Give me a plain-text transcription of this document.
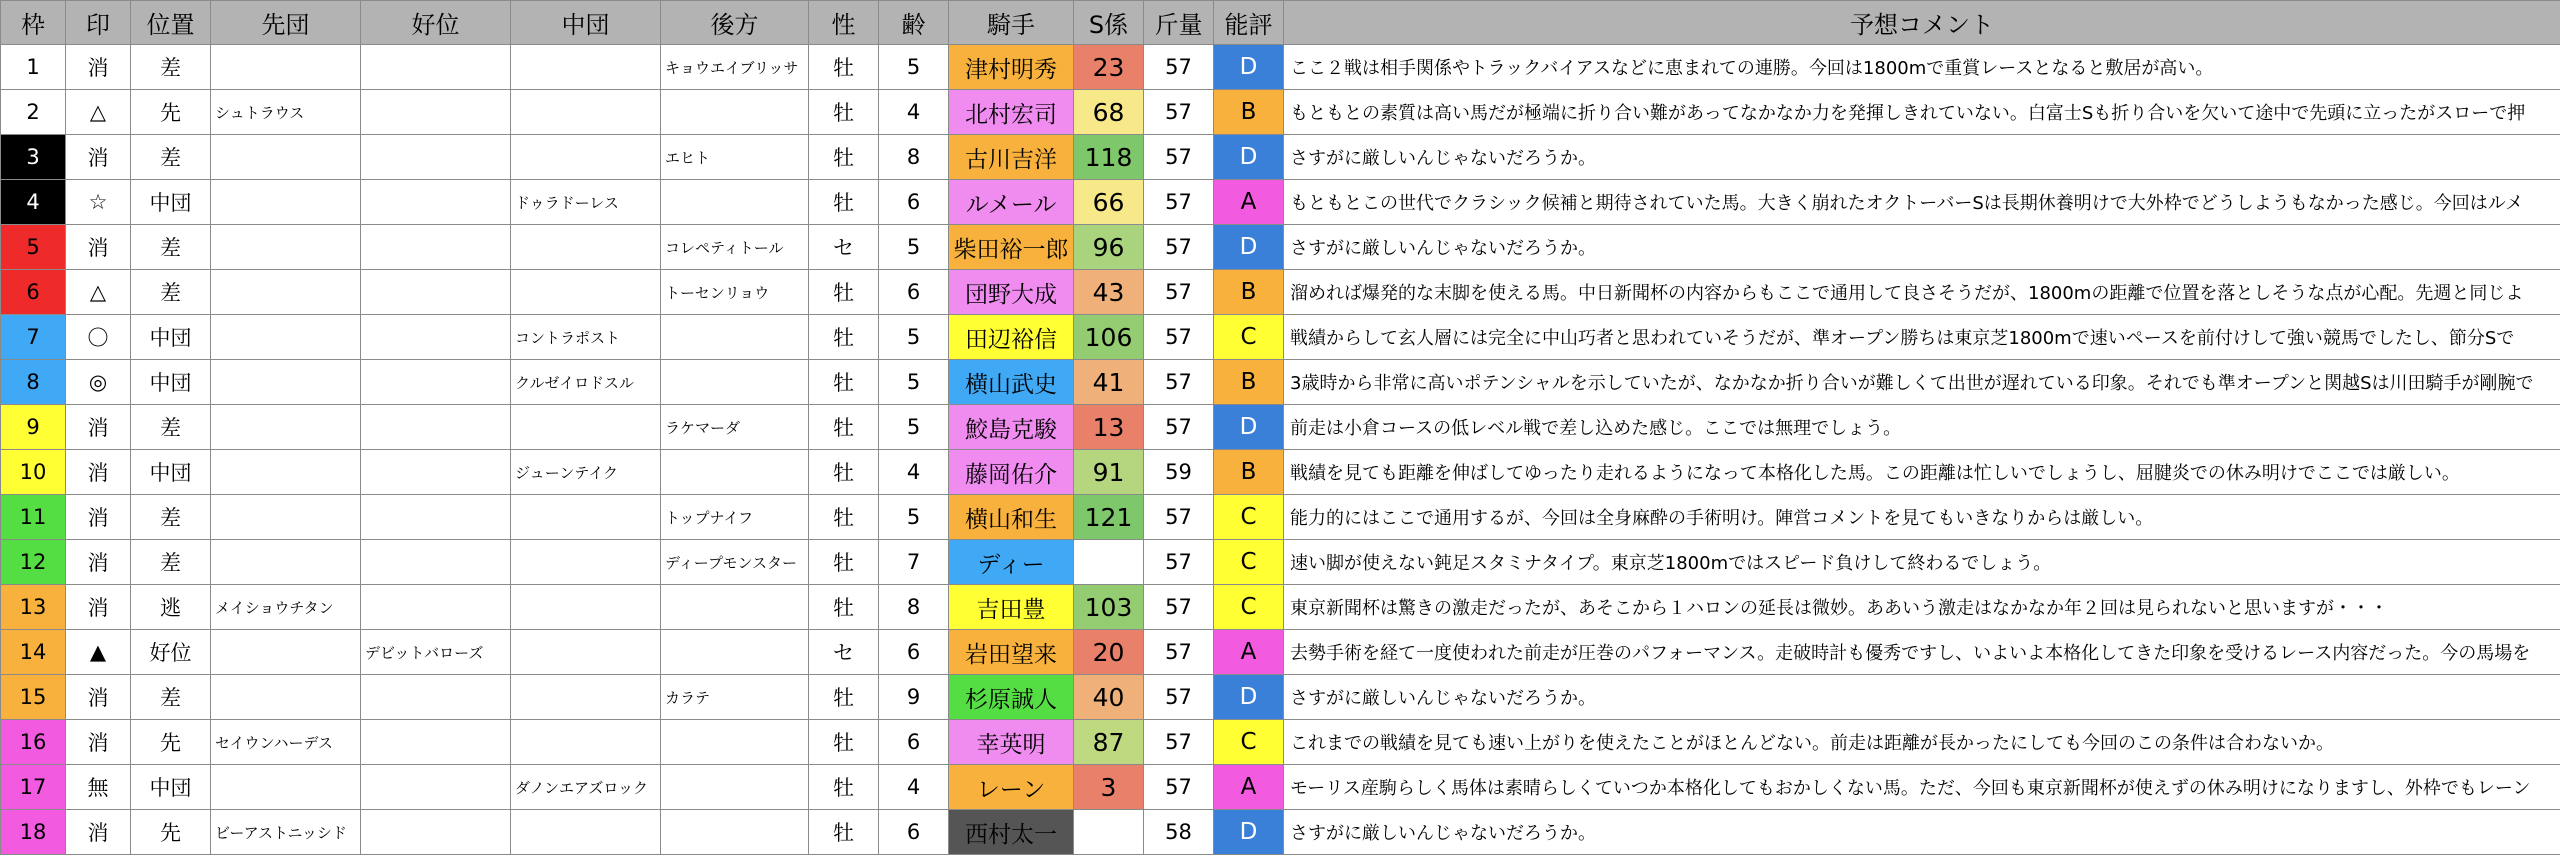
枠	印	位置	先団	好位	中団	後方	性	齢	騎手	S係	斤量	能評	予想コメント
1	消	差				キョウエイブリッサ	牡	5	津村明秀	23	57	D	ここ２戦は相手関係やトラックバイアスなどに恵まれての連勝。今回は1800mで重賞レースとなると敷居が高い。
2	△	先	シュトラウス				牡	4	北村宏司	68	57	B	もともとの素質は高い馬だが極端に折り合い難があってなかなか力を発揮しきれていない。白富士Sも折り合いを欠いて途中で先頭に立ったがスローで押
3	消	差				エヒト	牡	8	古川吉洋	118	57	D	さすがに厳しいんじゃないだろうか。
4	☆	中団			ドゥラドーレス		牡	6	ルメール	66	57	A	もともとこの世代でクラシック候補と期待されていた馬。大きく崩れたオクトーバーSは長期休養明けで大外枠でどうしようもなかった感じ。今回はルメ
5	消	差				コレペティトール	セ	5	柴田裕一郎	96	57	D	さすがに厳しいんじゃないだろうか。
6	△	差				トーセンリョウ	牡	6	団野大成	43	57	B	溜めれば爆発的な末脚を使える馬。中日新聞杯の内容からもここで通用して良さそうだが、1800mの距離で位置を落としそうな点が心配。先週と同じよ
7	〇	中団			コントラポスト		牡	5	田辺裕信	106	57	C	戦績からして玄人層には完全に中山巧者と思われていそうだが、準オープン勝ちは東京芝1800mで速いペースを前付けして強い競馬でしたし、節分Sで
8	◎	中団			クルゼイロドスル		牡	5	横山武史	41	57	B	3歳時から非常に高いポテンシャルを示していたが、なかなか折り合いが難しくて出世が遅れている印象。それでも準オープンと関越Sは川田騎手が剛腕で
9	消	差				ラケマーダ	牡	5	鮫島克駿	13	57	D	前走は小倉コースの低レベル戦で差し込めた感じ。ここでは無理でしょう。
10	消	中団			ジューンテイク		牡	4	藤岡佑介	91	59	B	戦績を見ても距離を伸ばしてゆったり走れるようになって本格化した馬。この距離は忙しいでしょうし、屈腱炎での休み明けでここでは厳しい。
11	消	差				トップナイフ	牡	5	横山和生	121	57	C	能力的にはここで通用するが、今回は全身麻酔の手術明け。陣営コメントを見てもいきなりからは厳しい。
12	消	差				ディープモンスター	牡	7	ディー		57	C	速い脚が使えない鈍足スタミナタイプ。東京芝1800mではスピード負けして終わるでしょう。
13	消	逃	メイショウチタン				牡	8	吉田豊	103	57	C	東京新聞杯は驚きの激走だったが、あそこから１ハロンの延長は微妙。ああいう激走はなかなか年２回は見られないと思いますが・・・
14	▲	好位		デビットバローズ			セ	6	岩田望来	20	57	A	去勢手術を経て一度使われた前走が圧巻のパフォーマンス。走破時計も優秀ですし、いよいよ本格化してきた印象を受けるレース内容だった。今の馬場を
15	消	差				カラテ	牡	9	杉原誠人	40	57	D	さすがに厳しいんじゃないだろうか。
16	消	先	セイウンハーデス				牡	6	幸英明	87	57	C	これまでの戦績を見ても速い上がりを使えたことがほとんどない。前走は距離が長かったにしても今回のこの条件は合わないか。
17	無	中団			ダノンエアズロック		牡	4	レーン	3	57	A	モーリス産駒らしく馬体は素晴らしくていつか本格化してもおかしくない馬。ただ、今回も東京新聞杯が使えずの休み明けになりますし、外枠でもレーン
18	消	先	ビーアストニッシド				牡	6	西村太一		58	D	さすがに厳しいんじゃないだろうか。
